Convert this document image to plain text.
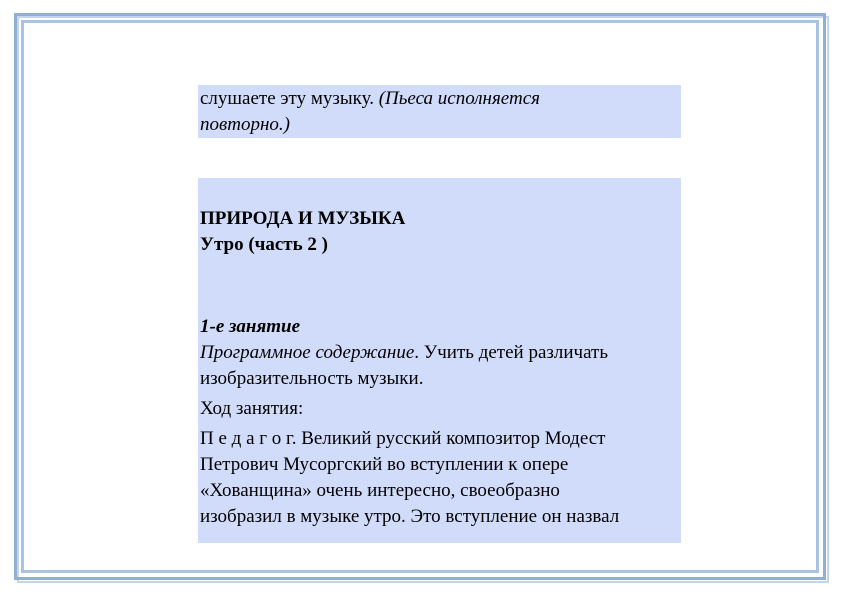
слушаете эту музыку. (Пьеса исполняется
повторно.)
ПРИРОДА И МУЗЫКА
Утро (часть 2 )
1-е занятие
Программное содержание. Учить детей различать
изобразительность музыки.
Ход занятия:
П е д а г о г. Великий русский композитор Модест
Петрович Мусоргский во вступлении к опере
«Хованщина» очень интересно, своеобразно
изобразил в музыке утро. Это вступление он назвал
